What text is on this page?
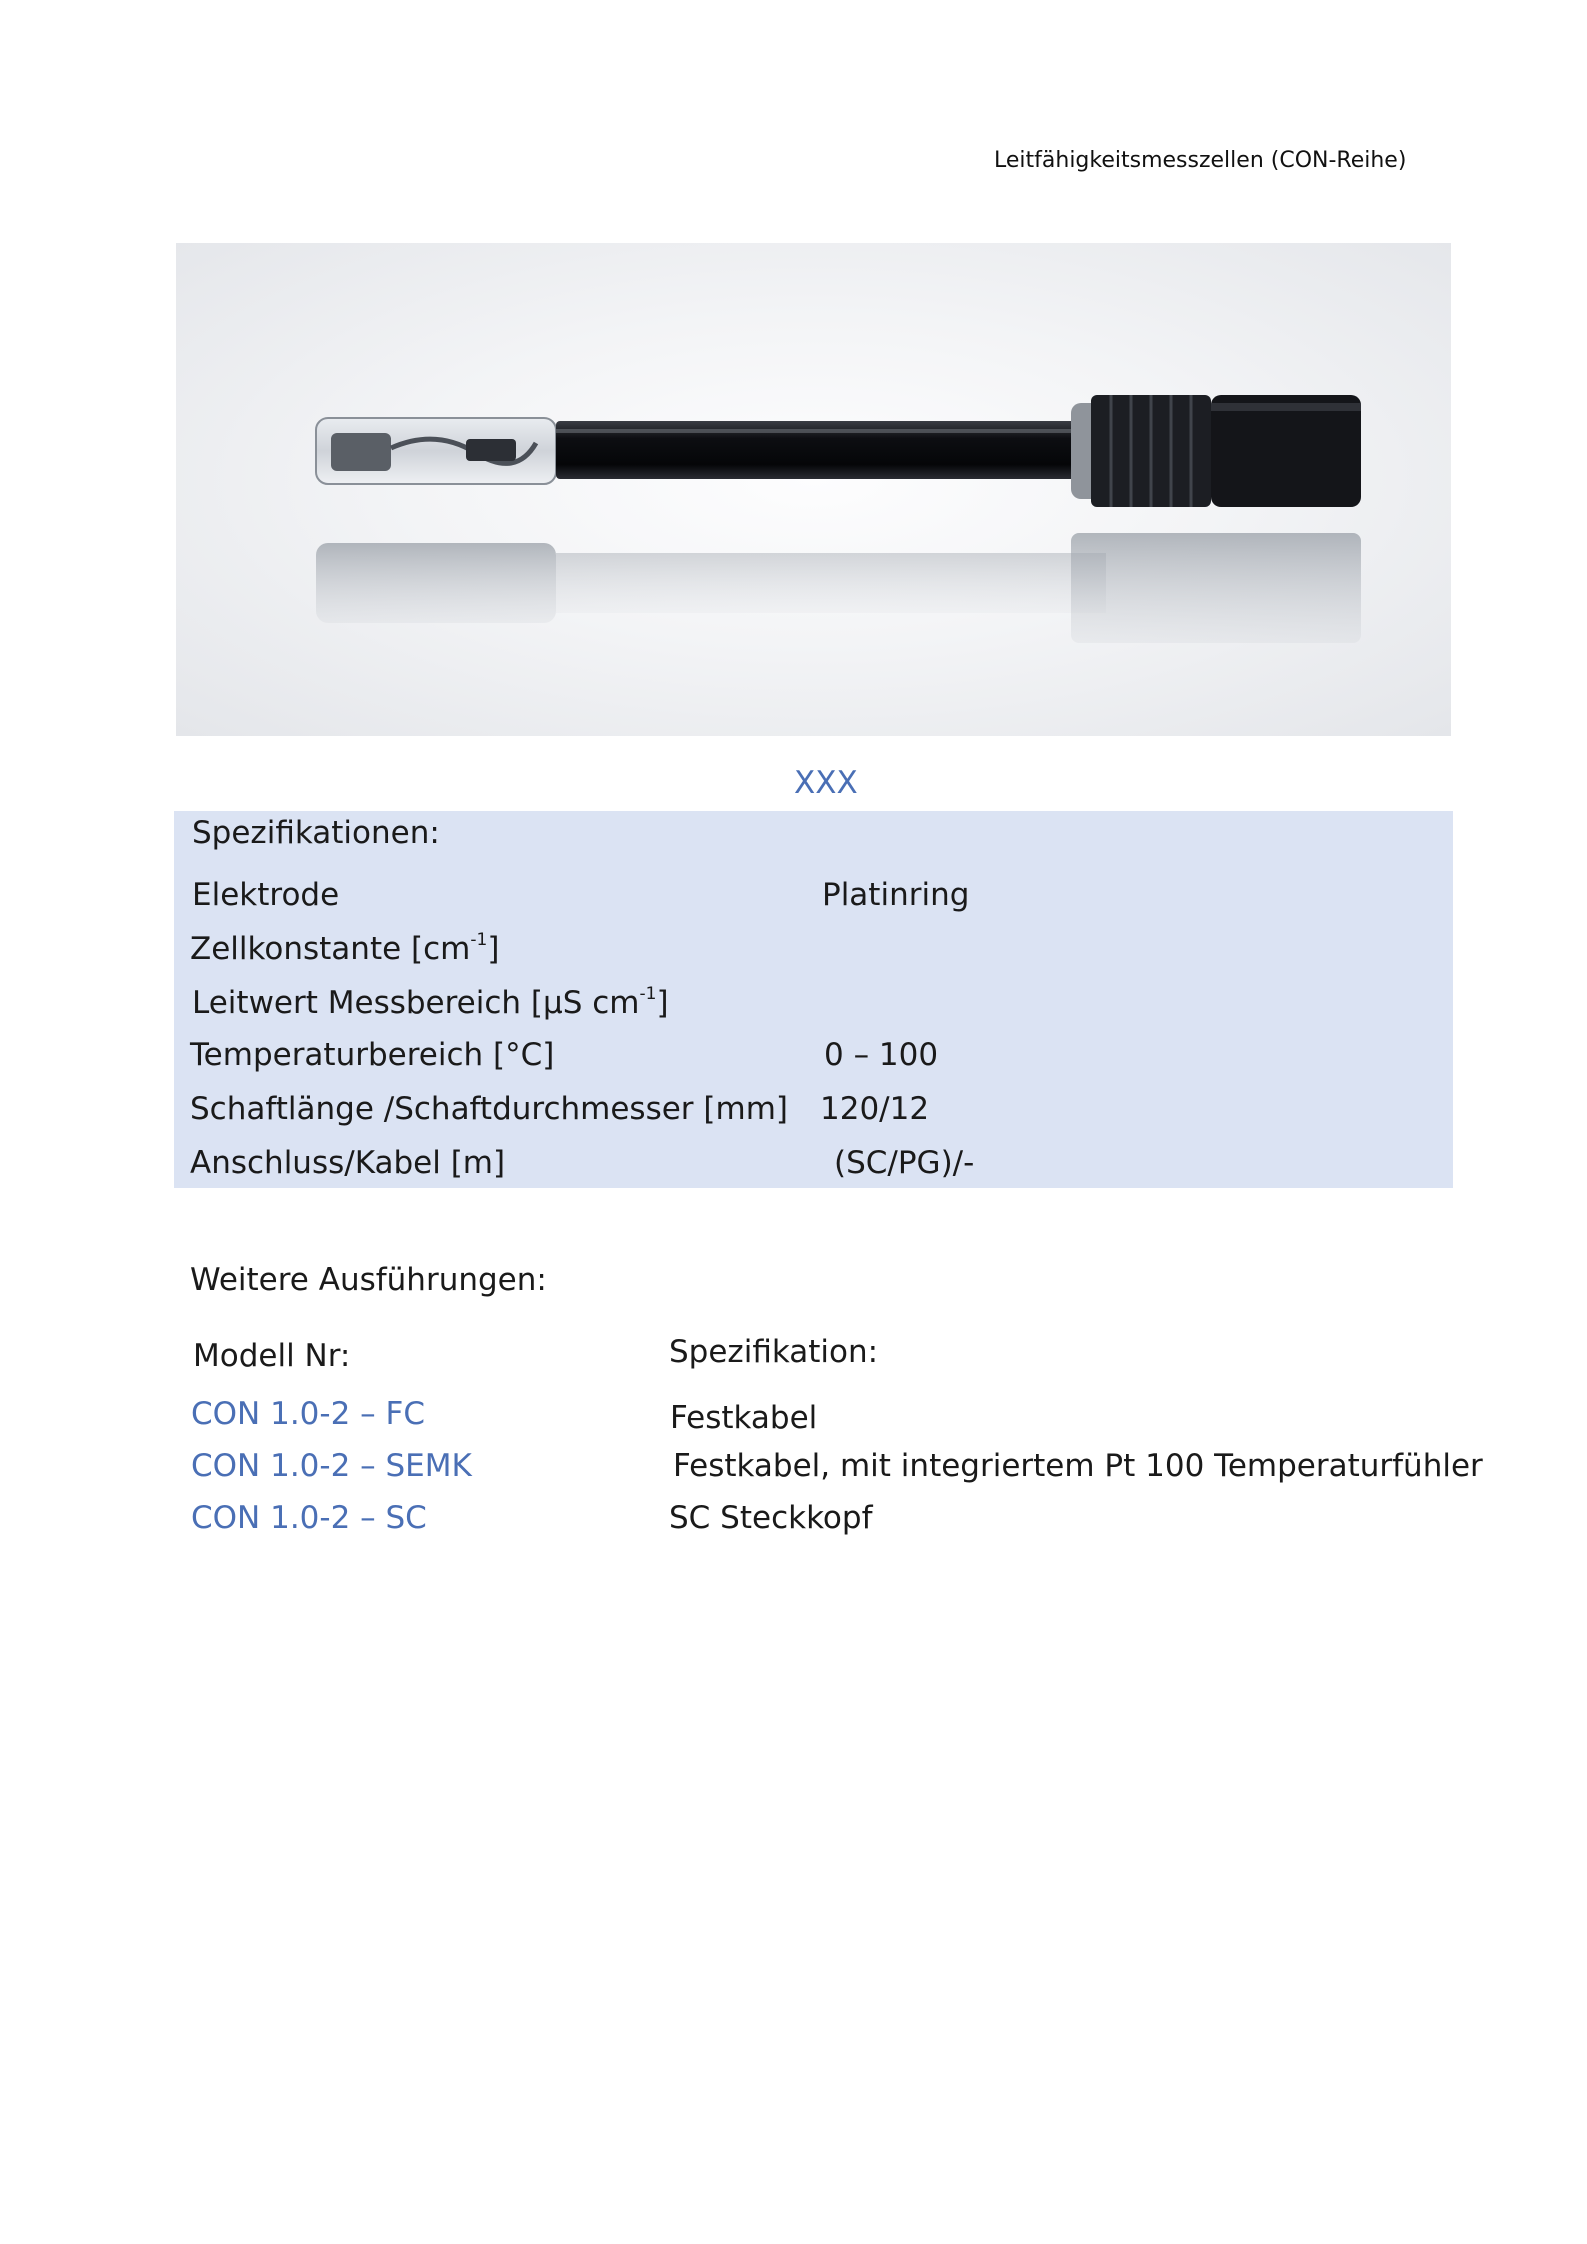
Leitfähigkeitsmesszellen (CON-Reihe)
XXX
Spezifikationen:
Elektrode	Platinring
Zellkonstante $[cm^{-1}]$
Leitwert Messbereich [µS $cm^{-1}$]
Temperaturbereich [°C]	0 – 100
Schaftlänge /Schaftdurchmesser [mm] 120/12
Anschluss/Kabel [m]	(SC/PG)/-
Weitere Ausführungen:
Modell Nr:	Spezifikation:
CON 1.0-2 – FC	Festkabel
CON 1.0-2 – SEMK	Festkabel, mit integriertem Pt 100 Temperaturfühler
CON 1.0-2 – SC	SC Steckkopf
